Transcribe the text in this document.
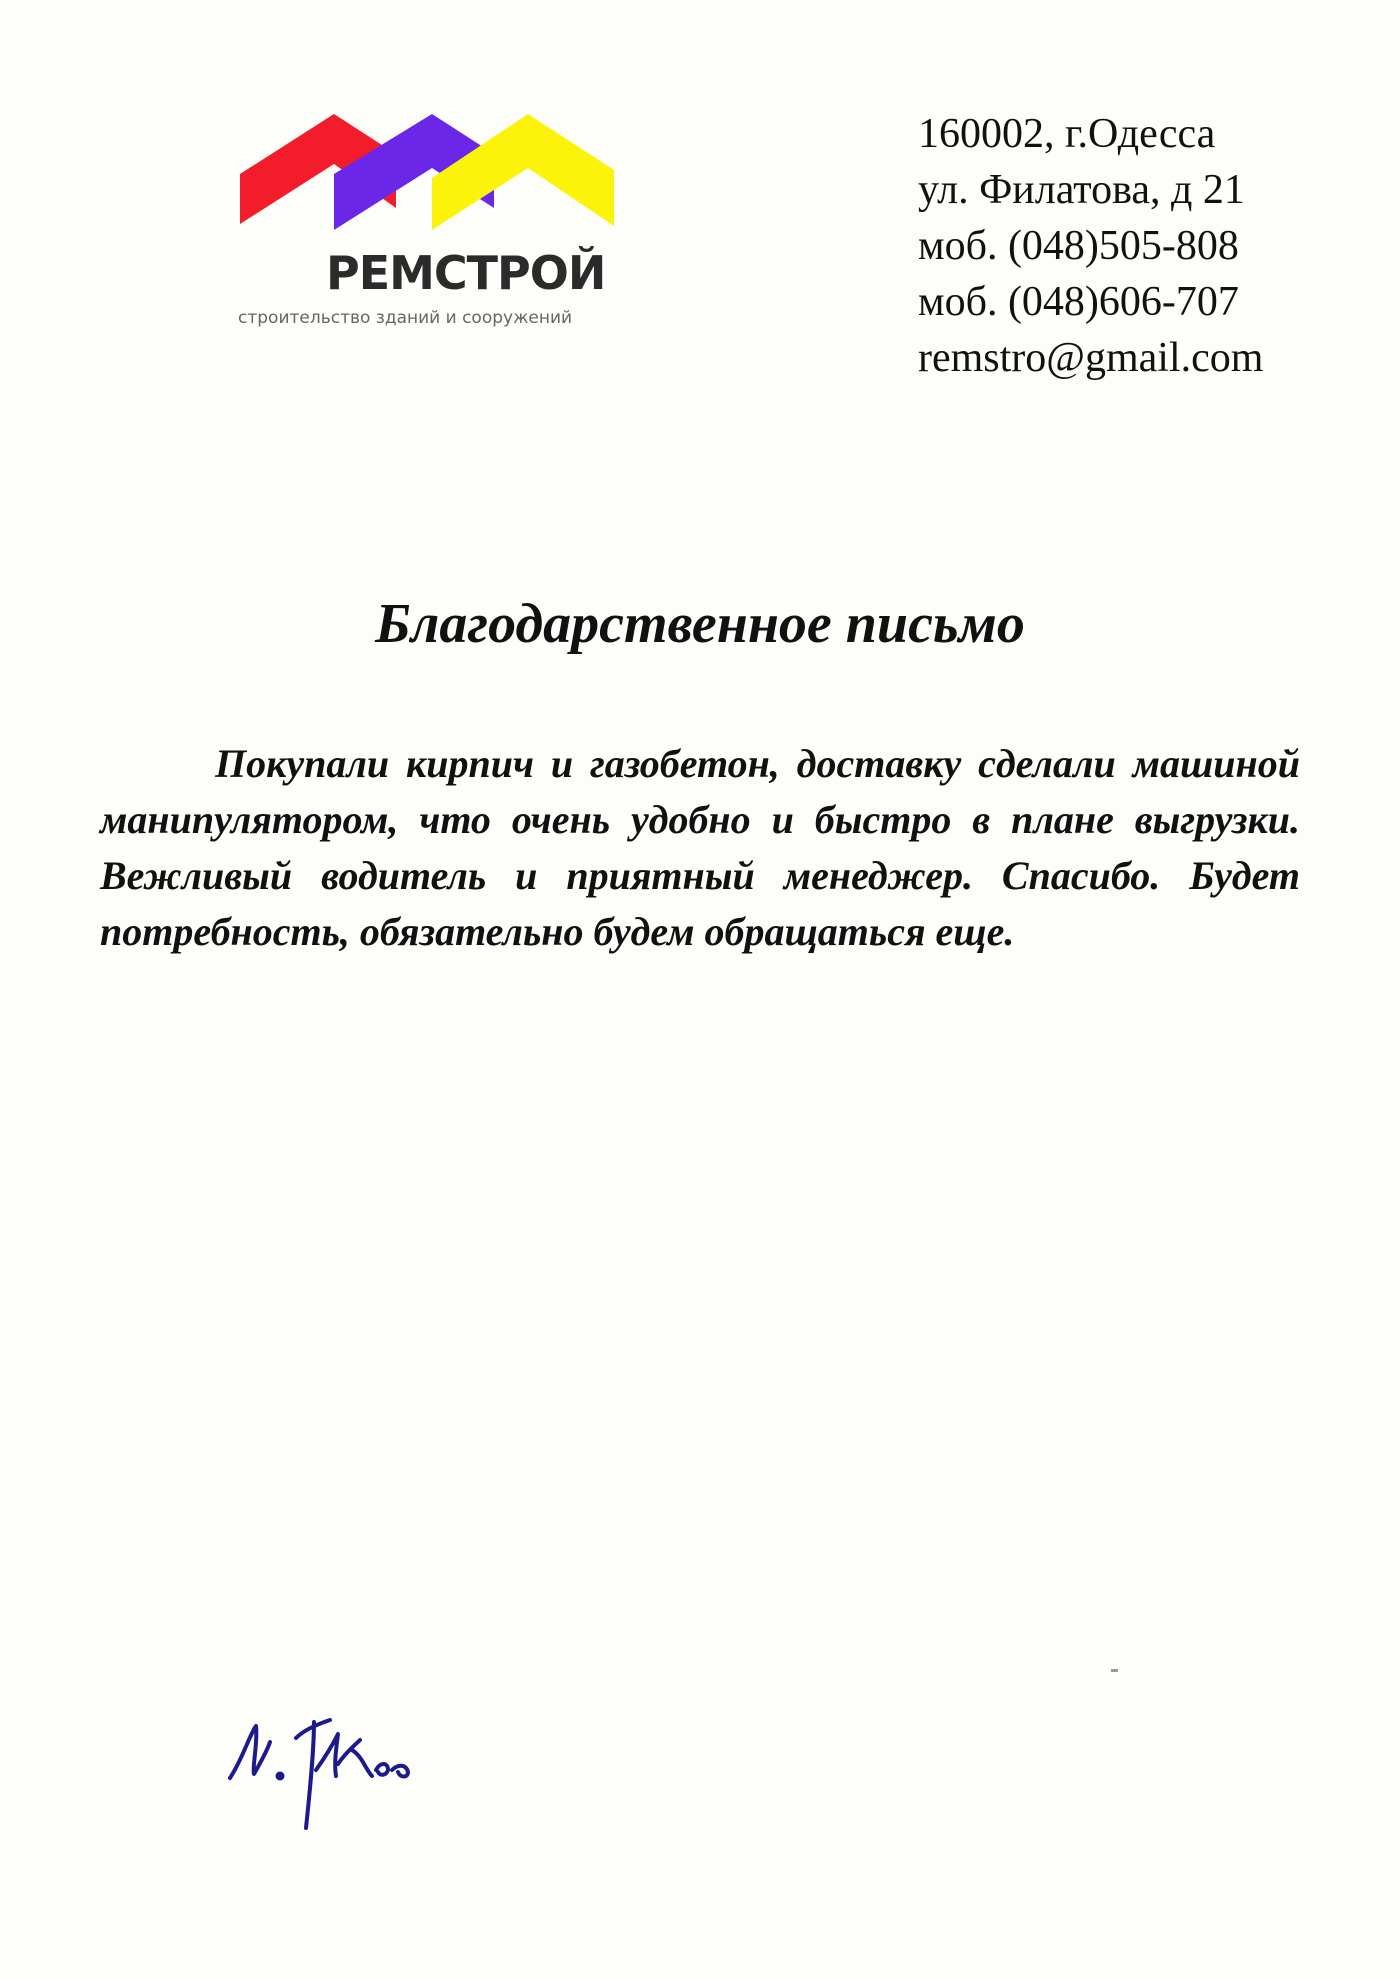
РЕМСТРОЙ
строительство зданий и сооружений
160002, г.Одесса
ул. Филатова, д 21
моб. (048)505-808
моб. (048)606-707
remstro@gmail.com
Благодарственное письмо

Покупали кирпич и газобетон, доставку сделали машиной манипулятором, что очень удобно и быстро в плане выгрузки. Вежливый водитель и приятный менеджер. Спасибо. Будет потребность, обязательно будем обращаться еще.
